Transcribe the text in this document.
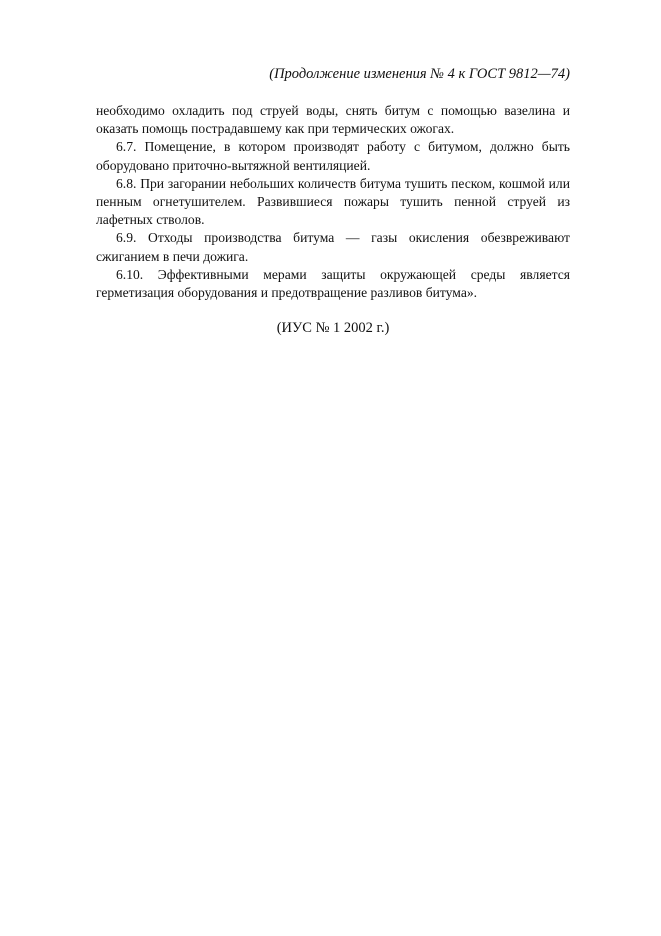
(Продолжение изменения № 4 к ГОСТ 9812—74)

необходимо охладить под струей воды, снять битум с помощью вазелина и оказать помощь пострадавшему как при термических ожогах.

6.7. Помещение, в котором производят работу с битумом, должно быть оборудовано приточно-вытяжной вентиляцией.

6.8. При загорании небольших количеств битума тушить песком, кошмой или пенным огнетушителем. Развившиеся пожары тушить пенной струей из лафетных стволов.

6.9. Отходы производства битума — газы окисления обезвреживают сжиганием в печи дожига.

6.10. Эффективными мерами защиты окружающей среды является герметизация оборудования и предотвращение разливов битума».

(ИУС № 1 2002 г.)
